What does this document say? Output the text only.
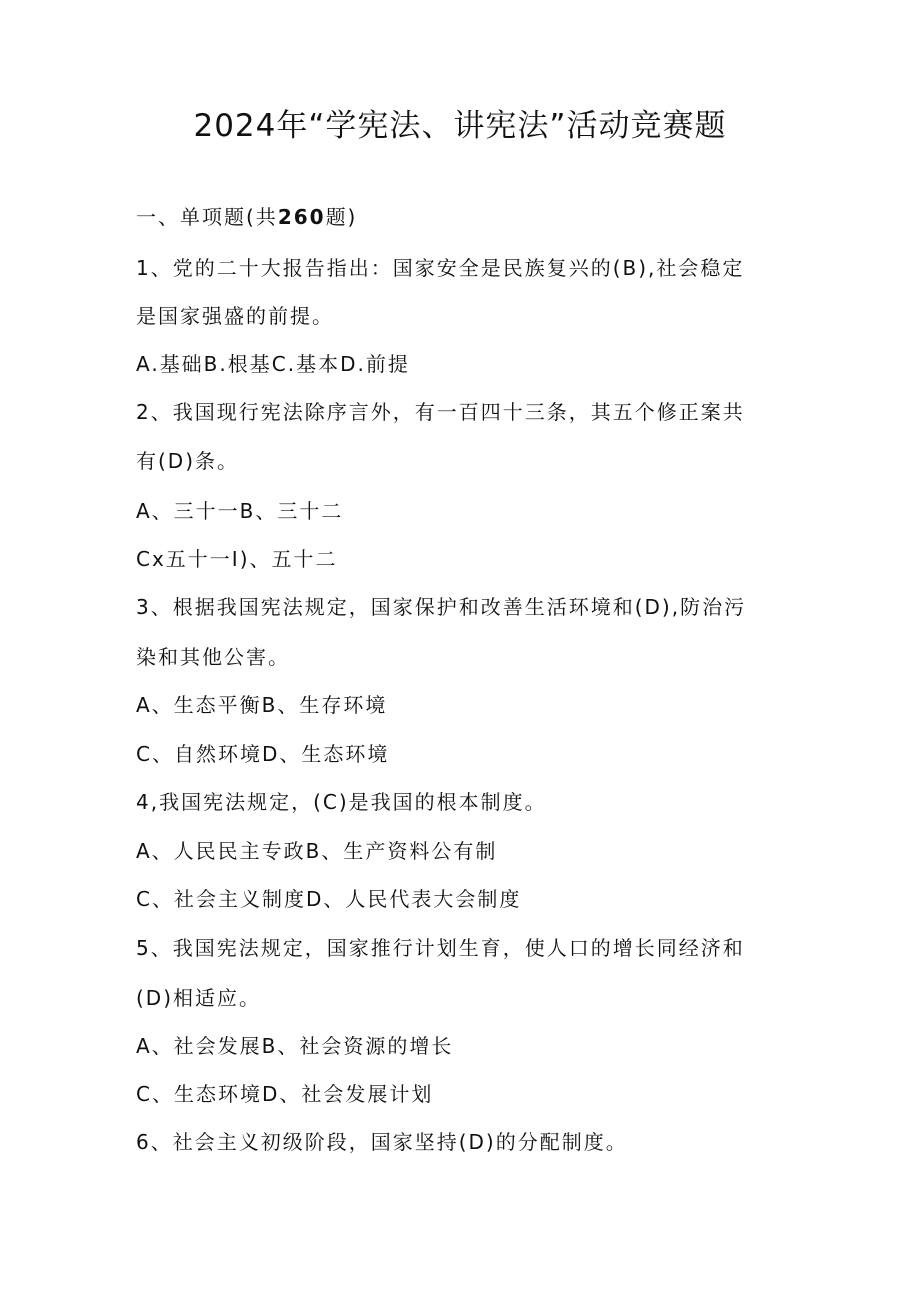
2024年“学宪法、讲宪法”活动竞赛题
一、单项题(共260题)
1、党的二十大报告指出：国家安全是民族复兴的(B),社会稳定
是国家强盛的前提。
A.基础B.根基C.基本D.前提
2、我国现行宪法除序言外，有一百四十三条，其五个修正案共
有(D)条。
A、三十一B、三十二
Cx五十一I)、五十二
3、根据我国宪法规定，国家保护和改善生活环境和(D),防治污
染和其他公害。
A、生态平衡B、生存环境
C、自然环境D、生态环境
4,我国宪法规定，(C)是我国的根本制度。
A、人民民主专政B、生产资料公有制
C、社会主义制度D、人民代表大会制度
5、我国宪法规定，国家推行计划生育，使人口的增长同经济和
(D)相适应。
A、社会发展B、社会资源的增长
C、生态环境D、社会发展计划
6、社会主义初级阶段，国家坚持(D)的分配制度。
